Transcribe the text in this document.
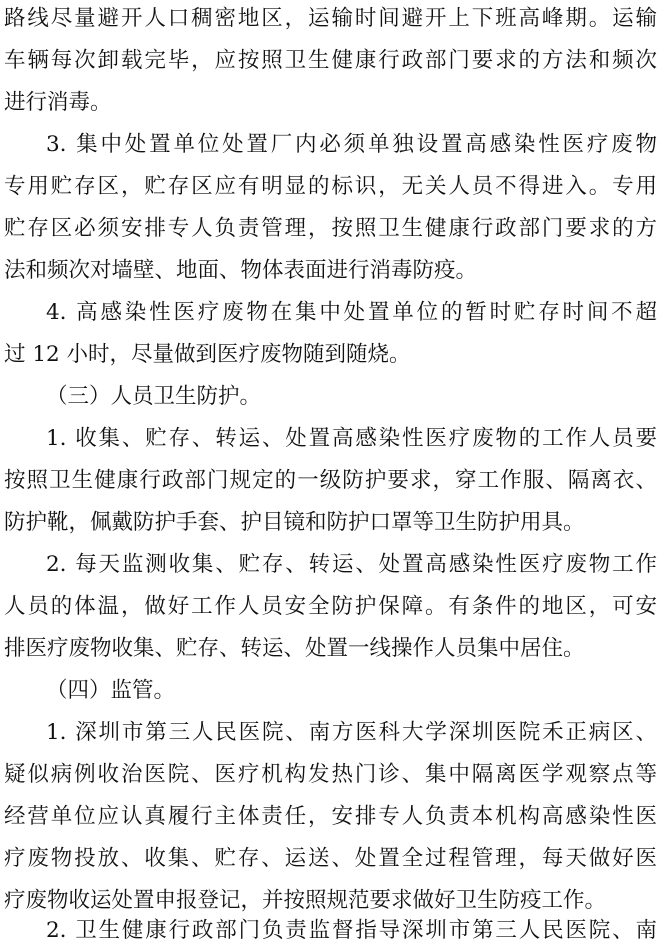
路线尽量避开人口稠密地区，运输时间避开上下班高峰期。运输
车辆每次卸载完毕，应按照卫生健康行政部门要求的方法和频次
进行消毒。
3. 集中处置单位处置厂内必须单独设置高感染性医疗废物
专用贮存区，贮存区应有明显的标识，无关人员不得进入。专用
贮存区必须安排专人负责管理，按照卫生健康行政部门要求的方
法和频次对墙壁、地面、物体表面进行消毒防疫。
4. 高感染性医疗废物在集中处置单位的暂时贮存时间不超
过 12 小时，尽量做到医疗废物随到随烧。
（三）人员卫生防护。
1. 收集、贮存、转运、处置高感染性医疗废物的工作人员要
按照卫生健康行政部门规定的一级防护要求，穿工作服、隔离衣、
防护靴，佩戴防护手套、护目镜和防护口罩等卫生防护用具。
2. 每天监测收集、贮存、转运、处置高感染性医疗废物工作
人员的体温，做好工作人员安全防护保障。有条件的地区，可安
排医疗废物收集、贮存、转运、处置一线操作人员集中居住。
（四）监管。
1. 深圳市第三人民医院、南方医科大学深圳医院禾正病区、
疑似病例收治医院、医疗机构发热门诊、集中隔离医学观察点等
经营单位应认真履行主体责任，安排专人负责本机构高感染性医
疗废物投放、收集、贮存、运送、处置全过程管理，每天做好医
疗废物收运处置申报登记，并按照规范要求做好卫生防疫工作。
2. 卫生健康行政部门负责监督指导深圳市第三人民医院、南
